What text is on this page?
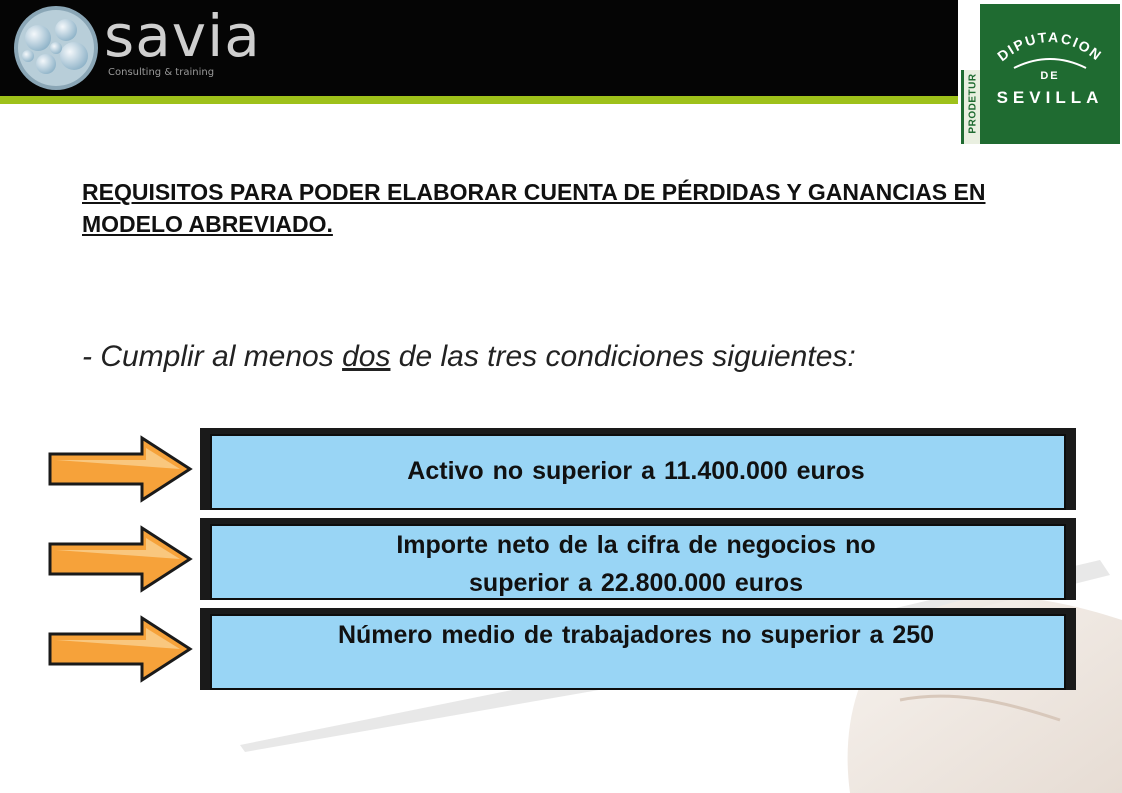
savia
Consulting & training
PRODETUR
DIPUTACION
DE
SEVILLA
REQUISITOS PARA PODER ELABORAR CUENTA DE PÉRDIDAS Y GANANCIAS EN MODELO ABREVIADO.
- Cumplir al menos dos de las tres condiciones siguientes:
Activo no superior a 11.400.000 euros
Importe neto de la cifra de negocios no superior a 22.800.000 euros
Número medio de trabajadores no superior a 250
